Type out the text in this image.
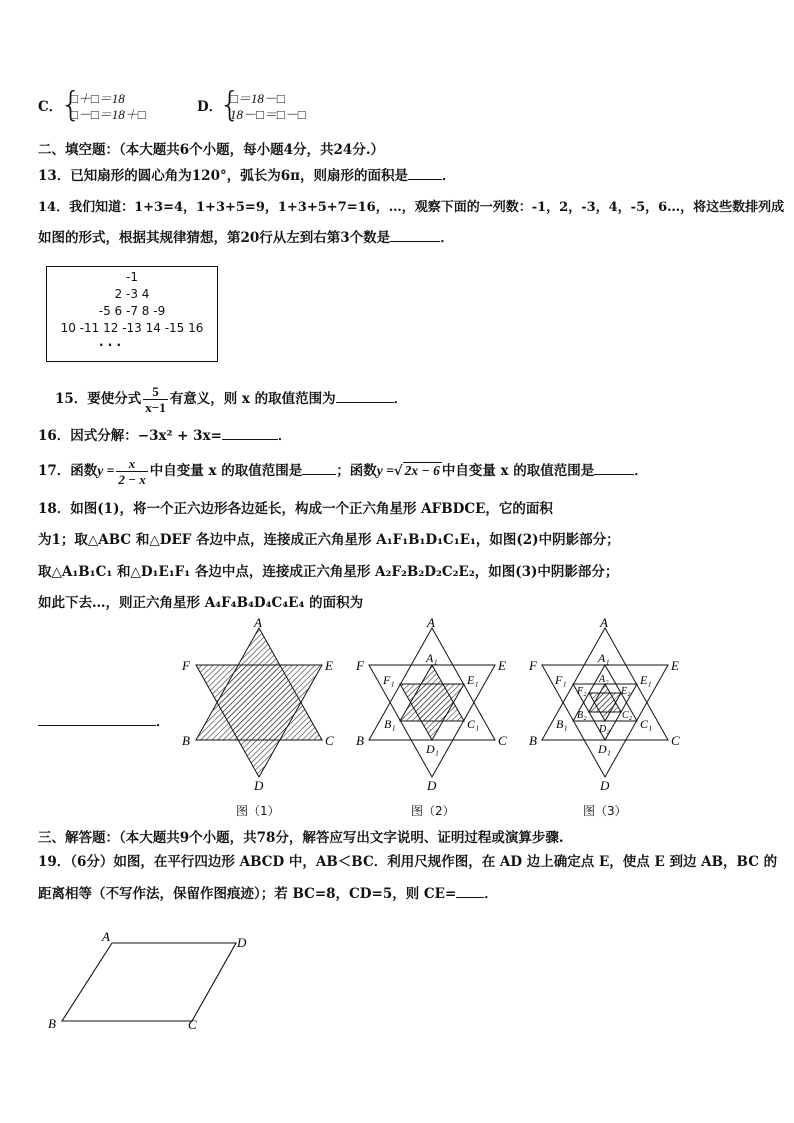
C．
{
□＋□＝18
□－□＝18＋□	D．
{
□＝18－□
18－□＝□－□
二、填空题：（本大题共6个小题，每小题4分，共24分.）
13．已知扇形的圆心角为120°，弧长为6π，则扇形的面积是	．
14．我们知道：1+3=4，1+3+5=9，1+3+5+7=16，…，观察下面的一列数：-1，2，-3，4，-5，6…，将这些数排列成
如图的形式，根据其规律猜想，第20行从左到右第3个数是	．
-1
2 -3 4
-5 6 -7 8 -9
10 -11 12 -13 14 -15 16
· · ·
15．要使分式 $\frac{5}{x-1}$ 有意义，则 x 的取值范围为	．
16．因式分解：−3x² + 3x=	．
17．函数$y = \frac{x}{2 - x}$ 中自变量 x 的取值范围是	；函数y =√ 2x − 6 中自变量 x 的取值范围是	．
18．如图(1)，将一个正六边形各边延长，构成一个正六角星形 AFBDCE，它的面积
为1；取△ABC 和△DEF 各边中点，连接成正六角星形 A₁F₁B₁D₁C₁E₁，如图(2)中阴影部分；
取△A₁B₁C₁ 和△D₁E₁F₁ 各边中点，连接成正六角星形 A₂F₂B₂D₂C₂E₂，如图(3)中阴影部分；
如此下去…，则正六角星形 A₄F₄B₄D₄C₄E₄ 的面积为
．
A
B	C
D
E
F
A
B	C
D
E
F	A₁
B₁	C₁
D₁
E₁
F₁
A
B	C
D
E
F	A₁
B₁	C₁
D₁
E₁
F₁	A₂
B₂	C₂
D₂
E₂
F₂
图（1）	图（2）	图（3）
三、解答题：（本大题共9个小题，共78分，解答应写出文字说明、证明过程或演算步骤.
19．（6分）如图，在平行四边形 ABCD 中，AB＜BC．利用尺规作图，在 AD 边上确定点 E，使点 E 到边 AB，BC 的
距离相等（不写作法，保留作图痕迹）；若 BC=8，CD=5，则 CE= ．
A	D
B	C
